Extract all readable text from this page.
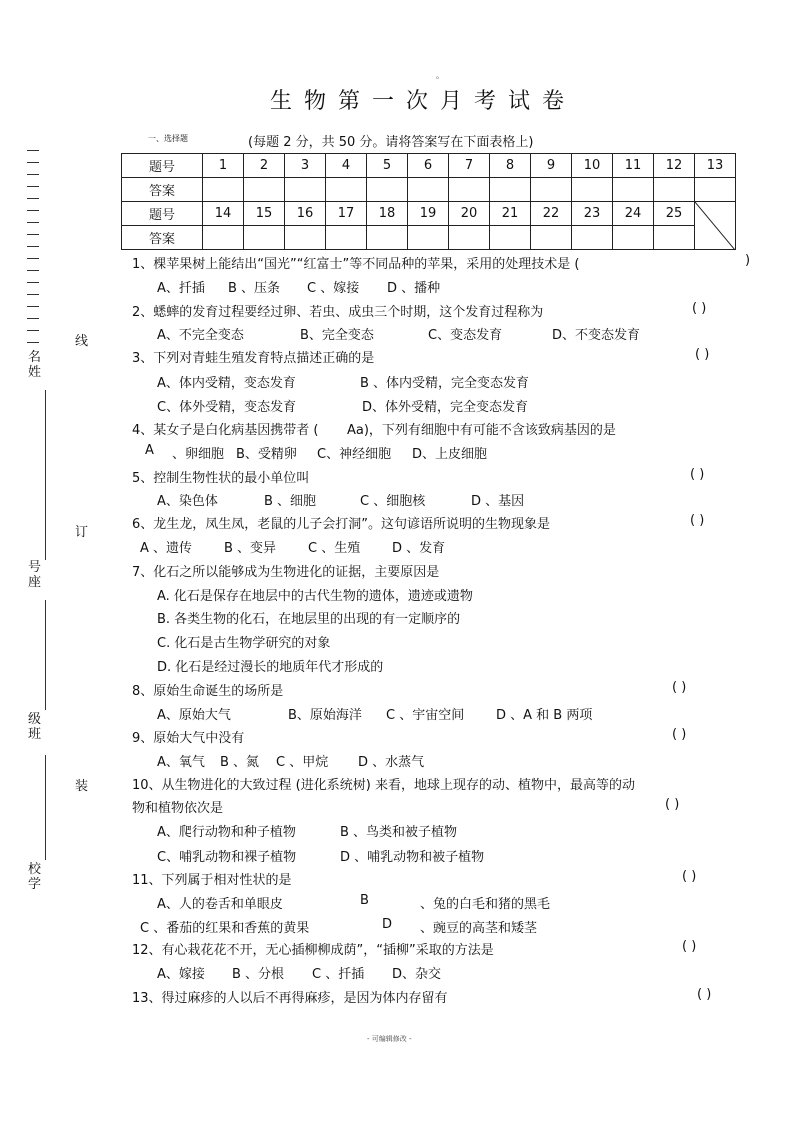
。
生物第一次月考试卷
一、选择题	(每题 2 分，共 50 分。请将答案写在下面表格上)
题号	1	2	3	4	5	6	7	8	9	10	11	12	13
答案													
题号	14	15	16	17	18	19	20	21	22	23	24	25	

答案													
名姓
号座
级班
校学
线
订
装
1、棵苹果树上能结出“国光”“红富士”等不同品种的苹果，采用的处理技术是 (	)
A、扦插 B 、压条 C 、嫁接 D 、播种
2、蟋蟀的发育过程要经过卵、若虫、成虫三个时期，这个发育过程称为	( )
A、不完全变态	B、完全变态	C、变态发育	D、不变态发育
3、下列对青蛙生殖发育特点描述正确的是	( )
A、体内受精，变态发育	B 、体内受精，完全变态发育
C、体外受精，变态发育	D、体外受精，完全变态发育
4、某女子是白化病基因携带者 ( Aa)，下列有细胞中有可能不含该致病基因的是
A 、卵细胞 B、受精卵 C、神经细胞 D、上皮细胞
5、控制生物性状的最小单位叫	( )
A、染色体	B 、细胞	C 、细胞核	D 、基因
6、龙生龙，凤生凤，老鼠的儿子会打洞”。这句谚语所说明的生物现象是	( )
A 、遗传 B 、变异 C 、生殖 D 、发育
7、化石之所以能够成为生物进化的证据，主要原因是
A. 化石是保存在地层中的古代生物的遗体，遗迹或遗物
B. 各类生物的化石，在地层里的出现的有一定顺序的
C. 化石是古生物学研究的对象
D. 化石是经过漫长的地质年代才形成的
8、原始生命诞生的场所是	( )
A、原始大气	B、原始海洋 C 、宇宙空间 D 、A 和 B 两项
9、原始大气中没有	( )
A、氧气 B 、氮 C 、甲烷 D 、水蒸气
10、从生物进化的大致过程 (进化系统树) 来看，地球上现存的动、植物中，最高等的动
物和植物依次是	( )
A、爬行动物和种子植物	B 、鸟类和被子植物
C、哺乳动物和裸子植物	D 、哺乳动物和被子植物
11、下列属于相对性状的是	( )
A、人的卷舌和单眼皮	B	、兔的白毛和猪的黑毛
C 、番茄的红果和香蕉的黄果	D 、豌豆的高茎和矮茎
12、有心栽花花不开，无心插柳柳成荫”，“插柳”采取的方法是	( )
A、嫁接 B 、分根 C 、扦插 D、杂交
13、得过麻疹的人以后不再得麻疹，是因为体内存留有	( )
- 可编辑修改 -
